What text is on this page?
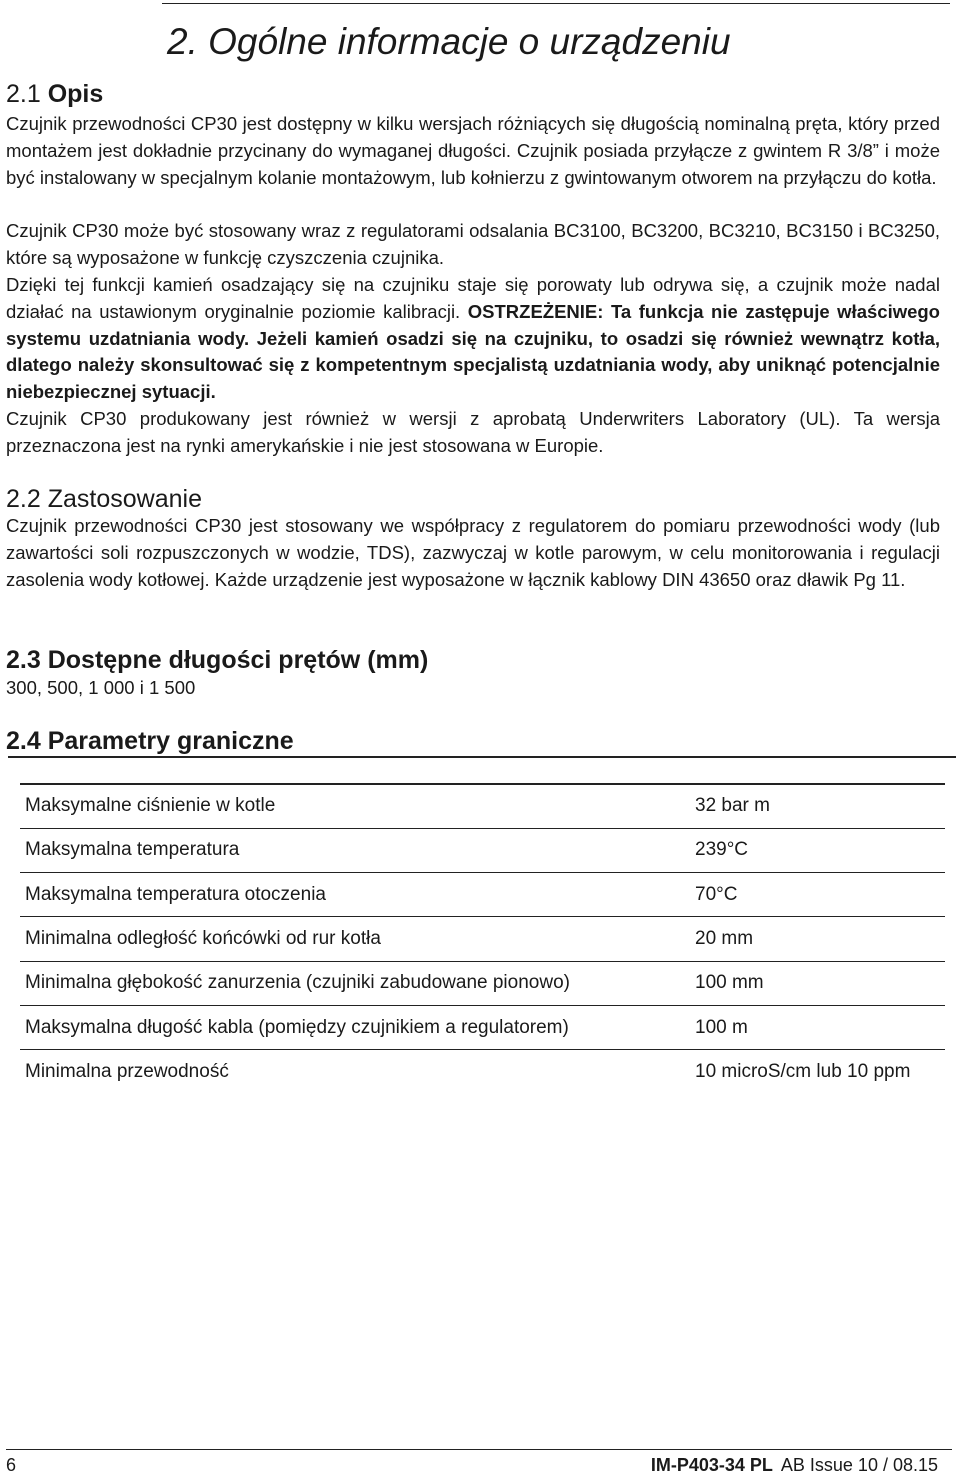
2. Ogólne informacje o urządzeniu
2.1 Opis

Czujnik przewodności CP30 jest dostępny w kilku wersjach różniących się długością nominalną pręta, który przed montażem jest dokładnie przycinany do wymaganej długości. Czujnik posiada przyłącze z gwintem R 3/8” i może być instalowany w specjalnym kolanie montażowym, lub kołnierzu z gwintowanym otworem na przyłączu do kotła.

Czujnik CP30 może być stosowany wraz z regulatorami odsalania BC3100, BC3200, BC3210, BC3150 i BC3250, które są wyposażone w funkcję czyszczenia czujnika.

Dzięki tej funkcji kamień osadzający się na czujniku staje się porowaty lub odrywa się, a czujnik może nadal działać na ustawionym oryginalnie poziomie kalibracji. OSTRZEŻENIE: Ta funkcja nie zastępuje właściwego systemu uzdatniania wody. Jeżeli kamień osadzi się na czujniku, to osadzi się również wewnątrz kotła, dlatego należy skonsultować się z kompetentnym specjalistą uzdatniania wody, aby uniknąć potencjalnie niebezpiecznej sytuacji.

Czujnik CP30 produkowany jest również w wersji z aprobatą Underwriters Laboratory (UL). Ta wersja przeznaczona jest na rynki amerykańskie i nie jest stosowana w Europie.

2.2 Zastosowanie

Czujnik przewodności CP30 jest stosowany we współpracy z regulatorem do pomiaru przewodności wody (lub zawartości soli rozpuszczonych w wodzie, TDS), zazwyczaj w kotle parowym, w celu monitorowania i regulacji zasolenia wody kotłowej. Każde urządzenie jest wyposażone w łącznik kablowy DIN 43650 oraz dławik Pg 11.

2.3 Dostępne długości prętów (mm)

300, 500, 1 000 i 1 500

2.4 Parametry graniczne
Maksymalne ciśnienie w kotle	32 bar m
Maksymalna temperatura	239°C
Maksymalna temperatura otoczenia	70°C
Minimalna odległość końcówki od rur kotła	20 mm
Minimalna głębokość zanurzenia (czujniki zabudowane pionowo)	100 mm
Maksymalna długość kabla (pomiędzy czujnikiem a regulatorem)	100 m
Minimalna przewodność	10 microS/cm lub 10 ppm
6	IM-P403-34 PL AB Issue 10 / 08.15
